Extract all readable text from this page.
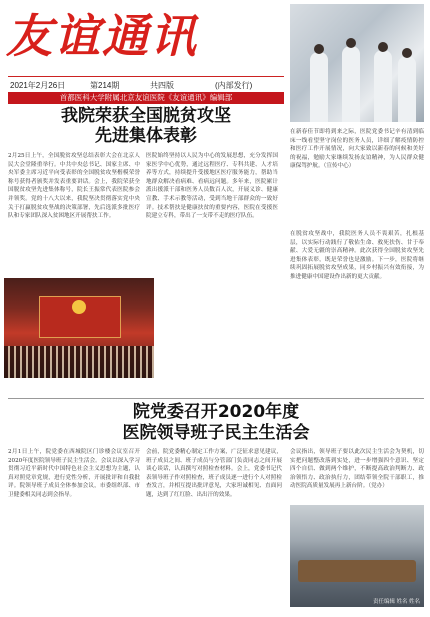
友谊通讯
2021年2月26日	第214期	共四版	(内部发行)
首都医科大学附属北京友谊医院《友谊通讯》编辑部
在新春佳节即将到来之际，医院党委书记辛有清到临床一线看望坚守岗位的医务人员，详细了解疫情防控和医疗工作开展情况，向大家致以新春的问候和美好的祝福，勉励大家继续发扬友谊精神，为人民群众健康保驾护航。（宣传中心）
我院荣获全国脱贫攻坚
先进集体表彰
2月25日上午，全国脱贫攻坚总结表彰大会在北京人民大会堂隆重举行。中共中央总书记、国家主席、中央军委主席习近平向受表彰的全国脱贫攻坚楷模荣誉称号获得者颁奖并发表重要讲话。会上，我院荣获全国脱贫攻坚先进集体称号，院长王振常代表医院参会并领奖。党的十八大以来，我院坚决贯彻落实党中央关于打赢脱贫攻坚战的决策部署，先后选派多批医疗队和专家团队深入贫困地区开展帮扶工作。
医院始终坚持以人民为中心的发展思想，充分发挥国家医学中心优势，通过远程医疗、专科共建、人才培养等方式，持续提升受援地区医疗服务能力，帮助当地群众解决看病难、看病远问题。多年来，医院累计派出援派干部和医务人员数百人次，开展义诊、健康宣教、手术示教等活动，受到当地干部群众的一致好评。技术帮扶是健康扶贫的重要内容，医院在受援医院建立专科，带出了一支带不走的医疗队伍。
在脱贫攻坚战中，我院医务人员不畏艰苦，扎根基层，以实际行动践行了敬佑生命、救死扶伤、甘于奉献、大爱无疆的崇高精神。此次获得全国脱贫攻坚先进集体表彰，既是荣誉也是激励。下一步，医院将继续巩固拓展脱贫攻坚成果，同乡村振兴有效衔接，为推进健康中国建设作出新的更大贡献。
院党委召开2020年度
医院领导班子民主生活会
2月1日上午，院党委在西城院区门诊楼会议室召开2020年度医院领导班子民主生活会。会议以深入学习贯彻习近平新时代中国特色社会主义思想为主题，认真对照党章党规，进行党性分析，开展批评和自我批评。院领导班子成员全体参加会议，市委组织部、市卫健委相关同志到会指导。
会前，院党委精心制定工作方案，广泛征求意见建议，班子成员之间、班子成员与分管部门负责同志之间开展谈心谈话，认真撰写对照检查材料。会上，党委书记代表领导班子作对照检查，班子成员逐一进行个人对照检查发言，并相互提出批评意见，大家坦诚相见、直面问题，达到了红红脸、出出汗的效果。
会议指出，领导班子要以此次民主生活会为契机，切实把问题整改落到实处，进一步增强四个意识、坚定四个自信、做到两个维护，不断提高政治判断力、政治领悟力、政治执行力，团结带领全院干部职工，推动医院高质量发展再上新台阶。（党办）
责任编辑 姓名 姓名
